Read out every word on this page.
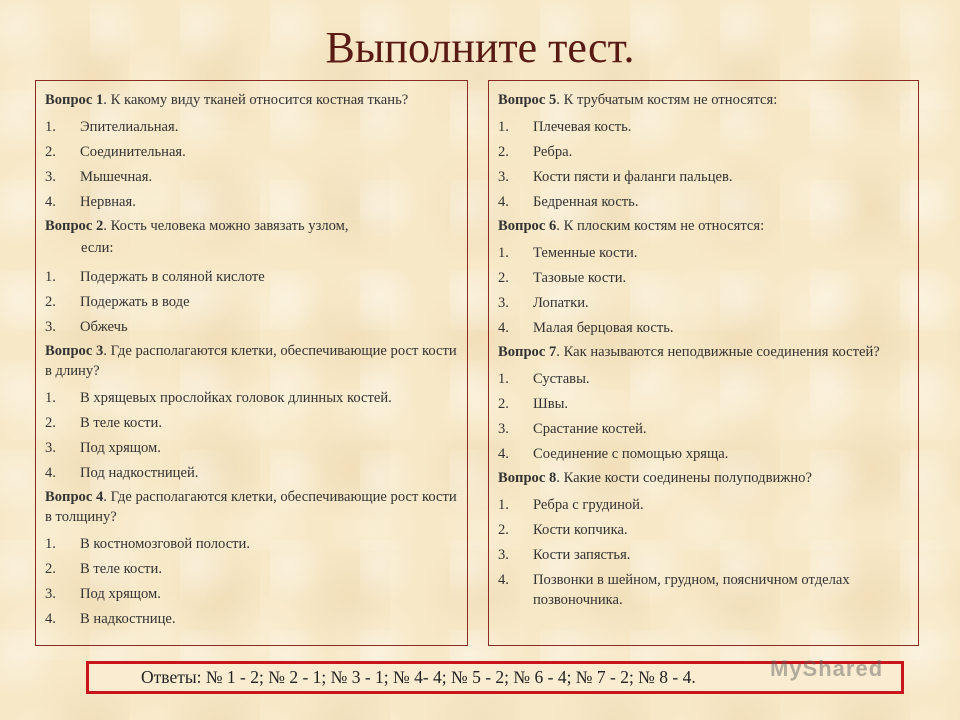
Выполните тест.

Вопрос 1. К какому виду тканей относится костная ткань?

1.	Эпителиальная.
2.	Соединительная.
3.	Мышечная.
4.	Нервная.

Вопрос 2. Кость человека можно завязать узлом,
если:

1.	Подержать в соляной кислоте
2.	Подержать в воде
3.	Обжечь

Вопрос 3. Где располагаются клетки, обеспечивающие рост кости в длину?

1.	В хрящевых прослойках головок длинных костей.
2.	В теле кости.
3.	Под хрящом.
4.	Под надкостницей.

Вопрос 4. Где располагаются клетки, обеспечивающие рост кости в толщину?

1.	В костномозговой полости.
2.	В теле кости.
3.	Под хрящом.
4.	В надкостнице.

Вопрос 5. К трубчатым костям не относятся:

1.	Плечевая кость.
2.	Ребра.
3.	Кости пясти и фаланги пальцев.
4.	Бедренная кость.

Вопрос 6. К плоским костям не относятся:

1.	Теменные кости.
2.	Тазовые кости.
3.	Лопатки.
4.	Малая берцовая кость.

Вопрос 7. Как называются неподвижные соединения костей?

1.	Суставы.
2.	Швы.
3.	Срастание костей.
4.	Соединение с помощью хряща.

Вопрос 8. Какие кости соединены полуподвижно?

1.	Ребра с грудиной.
2.	Кости копчика.
3.	Кости запястья.
4.	Позвонки в шейном, грудном, поясничном отделах позвоночника.
Ответы: № 1 - 2; № 2 - 1; № 3 - 1; № 4- 4; № 5 - 2; № 6 - 4; № 7 - 2; № 8 - 4.	MyShared
